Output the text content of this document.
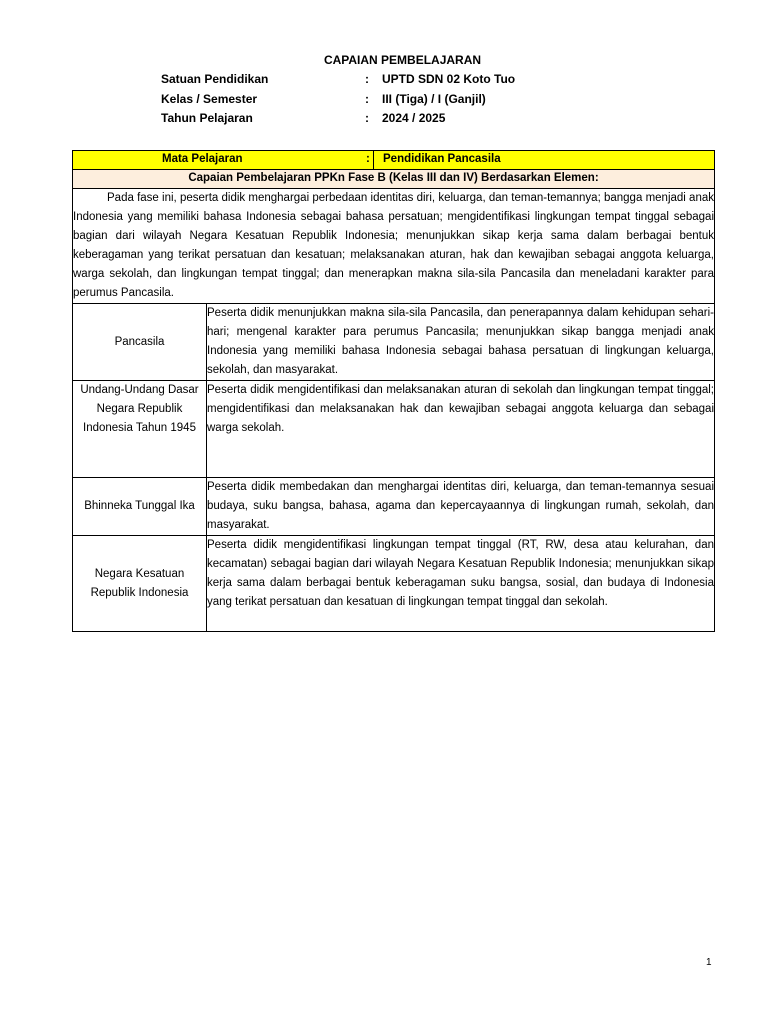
CAPAIAN PEMBELAJARAN
Satuan Pendidikan	: UPTD SDN 02 Koto Tuo
Kelas / Semester	: III (Tiga) / I (Ganjil)
Tahun Pelajaran	: 2024 / 2025
Mata Pelajaran : Pendidikan Pancasila	

Capaian Pembelajaran PPKn Fase B (Kelas III dan IV) Berdasarkan Elemen:	
Pada fase ini, peserta didik menghargai perbedaan identitas diri, keluarga, dan teman-temannya; bangga menjadi anak Indonesia yang memiliki bahasa Indonesia sebagai bahasa persatuan; mengidentifikasi lingkungan tempat tinggal sebagai bagian dari wilayah Negara Kesatuan Republik Indonesia; menunjukkan sikap kerja sama dalam berbagai bentuk keberagaman yang terikat persatuan dan kesatuan; melaksanakan aturan, hak dan kewajiban sebagai anggota keluarga, warga sekolah, dan lingkungan tempat tinggal; dan menerapkan makna sila-sila Pancasila dan meneladani karakter para perumus Pancasila.	
Pancasila	Peserta didik menunjukkan makna sila-sila Pancasila, dan penerapannya dalam kehidupan sehari-hari; mengenal karakter para perumus Pancasila; menunjukkan sikap bangga menjadi anak Indonesia yang memiliki bahasa Indonesia sebagai bahasa persatuan di lingkungan keluarga, sekolah, dan masyarakat.
Undang-Undang Dasar Negara Republik Indonesia Tahun 1945	Peserta didik mengidentifikasi dan melaksanakan aturan di sekolah dan lingkungan tempat tinggal; mengidentifikasi dan melaksanakan hak dan kewajiban sebagai anggota keluarga dan sebagai warga sekolah.
Bhinneka Tunggal Ika	Peserta didik membedakan dan menghargai identitas diri, keluarga, dan teman-temannya sesuai budaya, suku bangsa, bahasa, agama dan kepercayaannya di lingkungan rumah, sekolah, dan masyarakat.
Negara Kesatuan Republik Indonesia	Peserta didik mengidentifikasi lingkungan tempat tinggal (RT, RW, desa atau kelurahan, dan kecamatan) sebagai bagian dari wilayah Negara Kesatuan Republik Indonesia; menunjukkan sikap kerja sama dalam berbagai bentuk keberagaman suku bangsa, sosial, dan budaya di Indonesia yang terikat persatuan dan kesatuan di lingkungan tempat tinggal dan sekolah.
1
